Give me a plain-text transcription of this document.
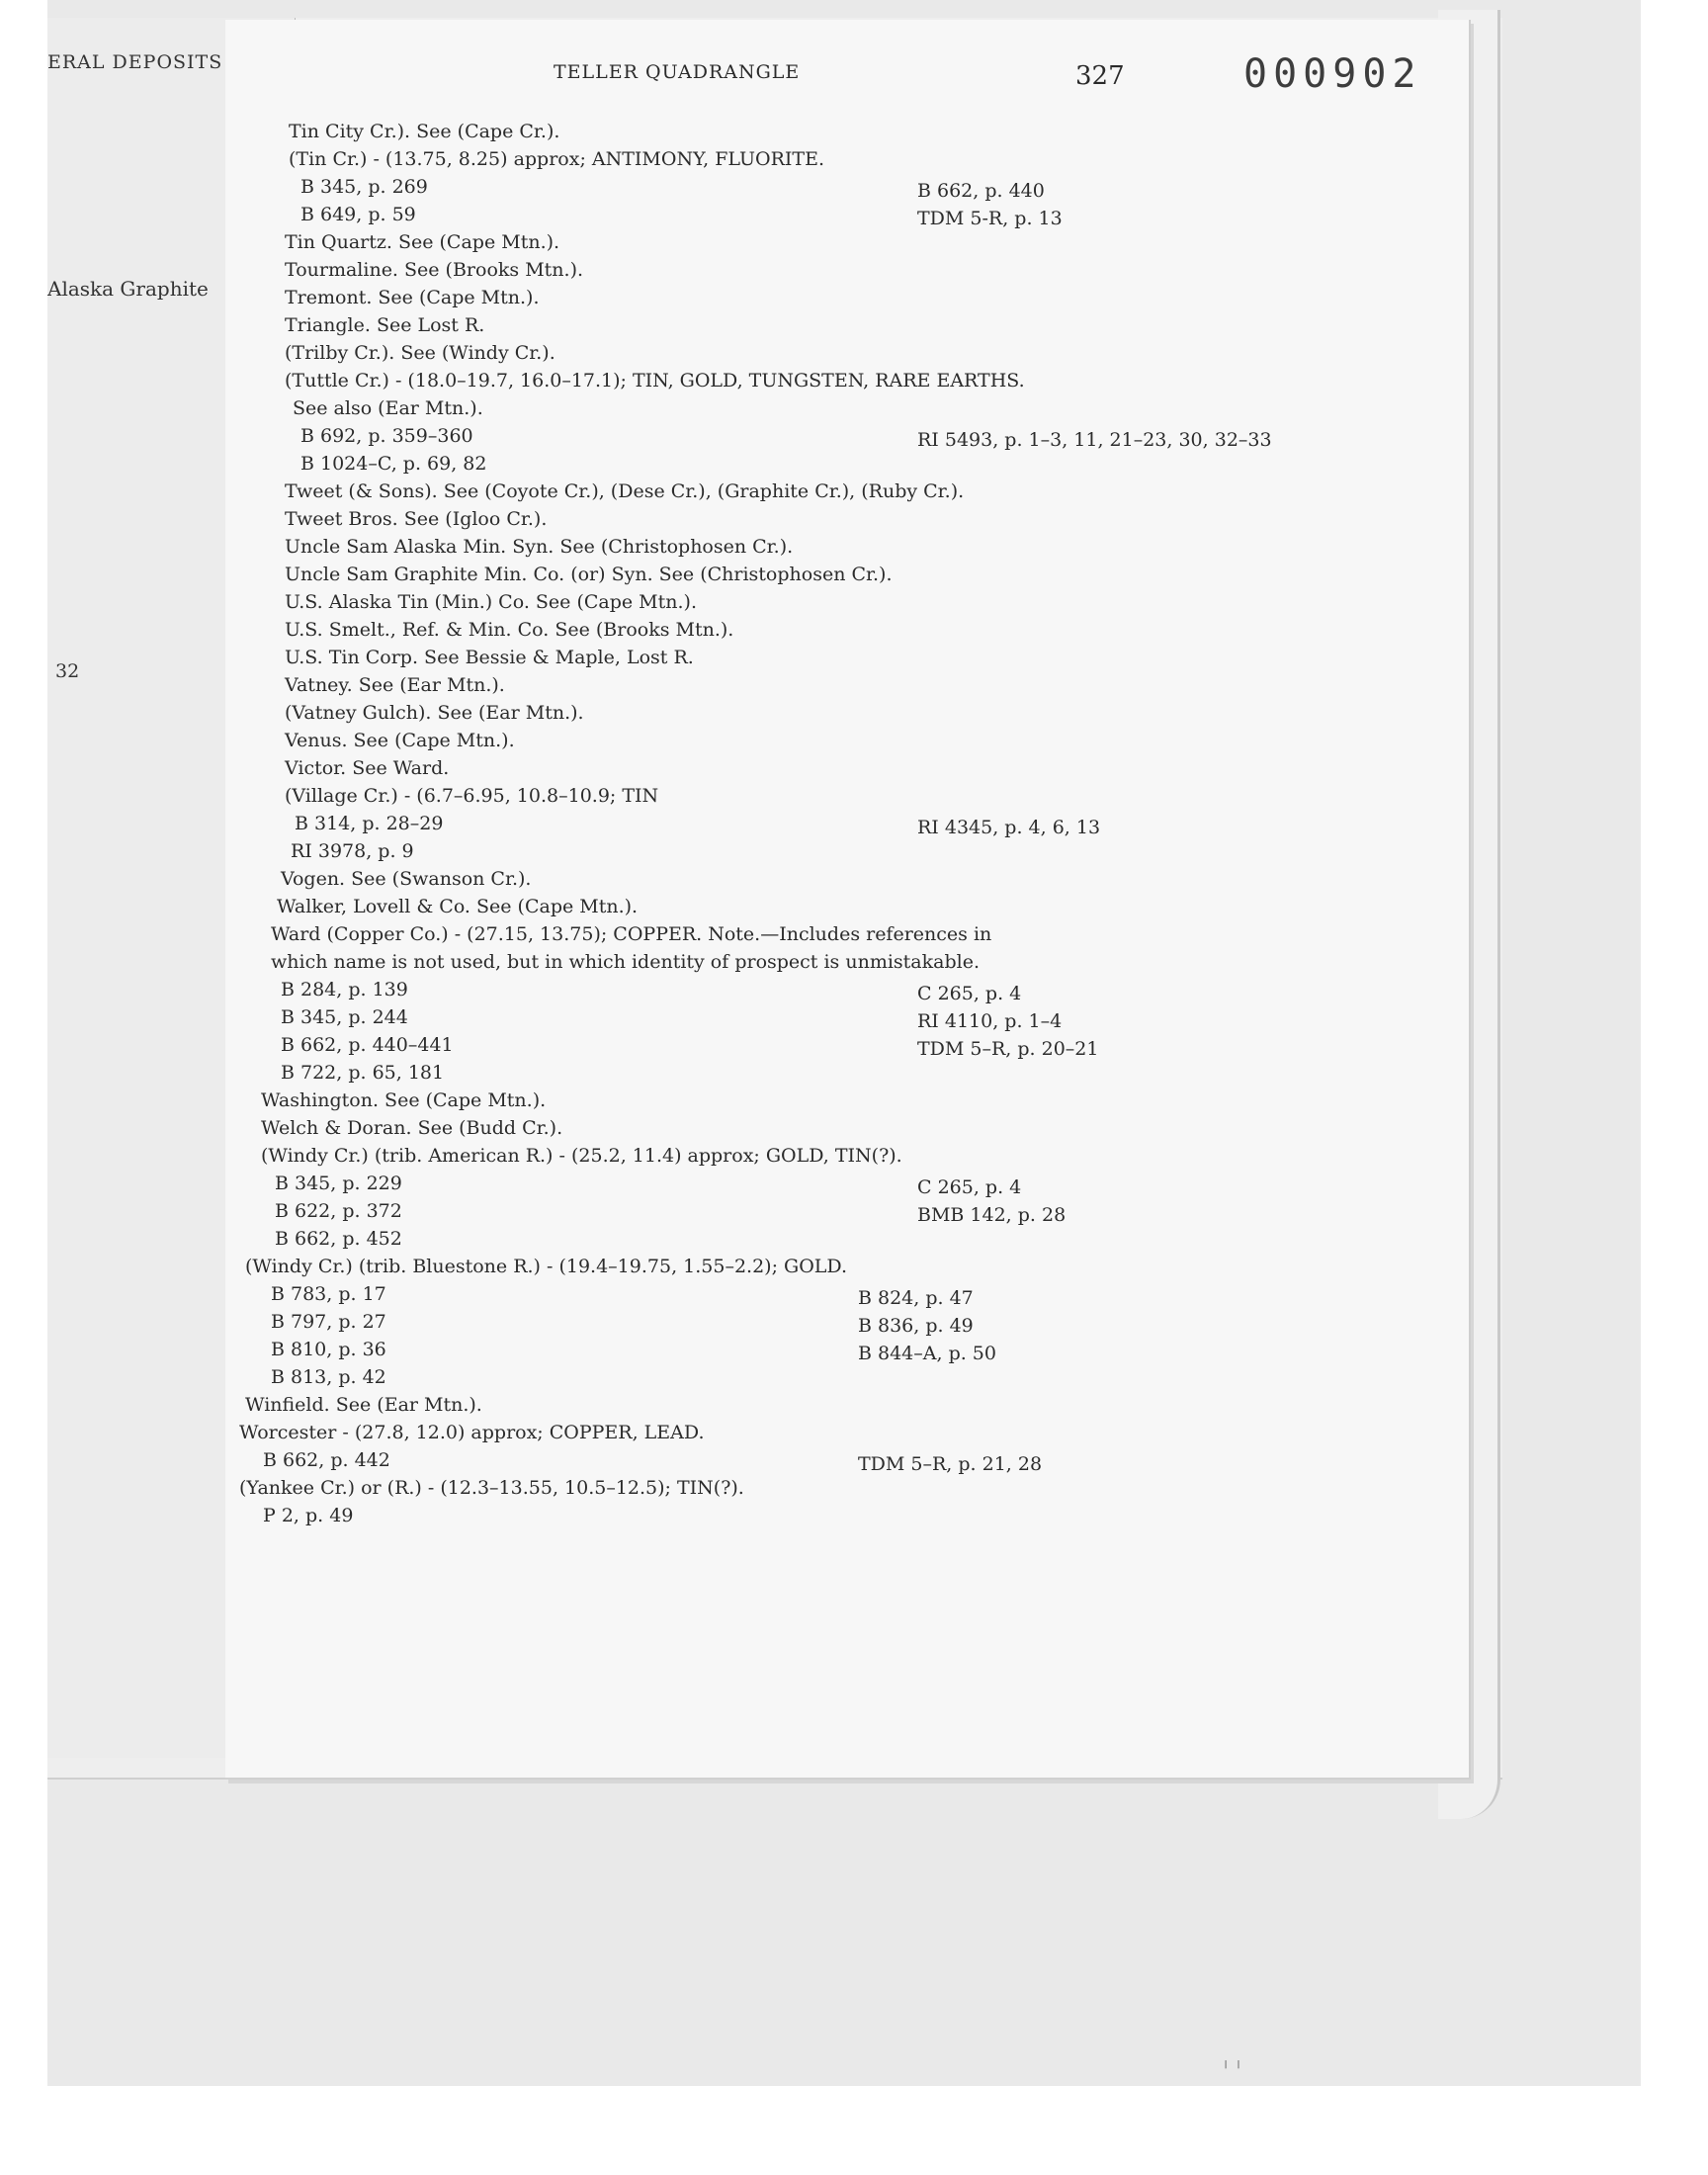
ERAL DEPOSITS
Alaska Graphite
32
TELLER QUADRANGLE	327	000902
Tin City Cr.). See (Cape Cr.).
(Tin Cr.) - (13.75, 8.25) approx; ANTIMONY, FLUORITE.
B 345, p. 269	B 662, p. 440
B 649, p. 59	TDM 5-R, p. 13
Tin Quartz. See (Cape Mtn.).
Tourmaline. See (Brooks Mtn.).
Tremont. See (Cape Mtn.).
Triangle. See Lost R.
(Trilby Cr.). See (Windy Cr.).
(Tuttle Cr.) - (18.0–19.7, 16.0–17.1); TIN, GOLD, TUNGSTEN, RARE EARTHS.
See also (Ear Mtn.).
B 692, p. 359–360	RI 5493, p. 1–3, 11, 21–23, 30, 32–33
B 1024–C, p. 69, 82
Tweet (& Sons). See (Coyote Cr.), (Dese Cr.), (Graphite Cr.), (Ruby Cr.).
Tweet Bros. See (Igloo Cr.).
Uncle Sam Alaska Min. Syn. See (Christophosen Cr.).
Uncle Sam Graphite Min. Co. (or) Syn. See (Christophosen Cr.).
U.S. Alaska Tin (Min.) Co. See (Cape Mtn.).
U.S. Smelt., Ref. & Min. Co. See (Brooks Mtn.).
U.S. Tin Corp. See Bessie & Maple, Lost R.
Vatney. See (Ear Mtn.).
(Vatney Gulch). See (Ear Mtn.).
Venus. See (Cape Mtn.).
Victor. See Ward.
(Village Cr.) - (6.7–6.95, 10.8–10.9; TIN
B 314, p. 28–29	RI 4345, p. 4, 6, 13
RI 3978, p. 9
Vogen. See (Swanson Cr.).
Walker, Lovell & Co. See (Cape Mtn.).
Ward (Copper Co.) - (27.15, 13.75); COPPER. Note.—Includes references in
which name is not used, but in which identity of prospect is unmistakable.
B 284, p. 139	C 265, p. 4
B 345, p. 244	RI 4110, p. 1–4
B 662, p. 440–441	TDM 5–R, p. 20–21
B 722, p. 65, 181
Washington. See (Cape Mtn.).
Welch & Doran. See (Budd Cr.).
(Windy Cr.) (trib. American R.) - (25.2, 11.4) approx; GOLD, TIN(?).
B 345, p. 229	C 265, p. 4
B 622, p. 372	BMB 142, p. 28
B 662, p. 452
(Windy Cr.) (trib. Bluestone R.) - (19.4–19.75, 1.55–2.2); GOLD.
B 783, p. 17	B 824, p. 47
B 797, p. 27	B 836, p. 49
B 810, p. 36	B 844–A, p. 50
B 813, p. 42
Winfield. See (Ear Mtn.).
Worcester - (27.8, 12.0) approx; COPPER, LEAD.
B 662, p. 442	TDM 5–R, p. 21, 28
(Yankee Cr.) or (R.) - (12.3–13.55, 10.5–12.5); TIN(?).
P 2, p. 49
╵ ╵
